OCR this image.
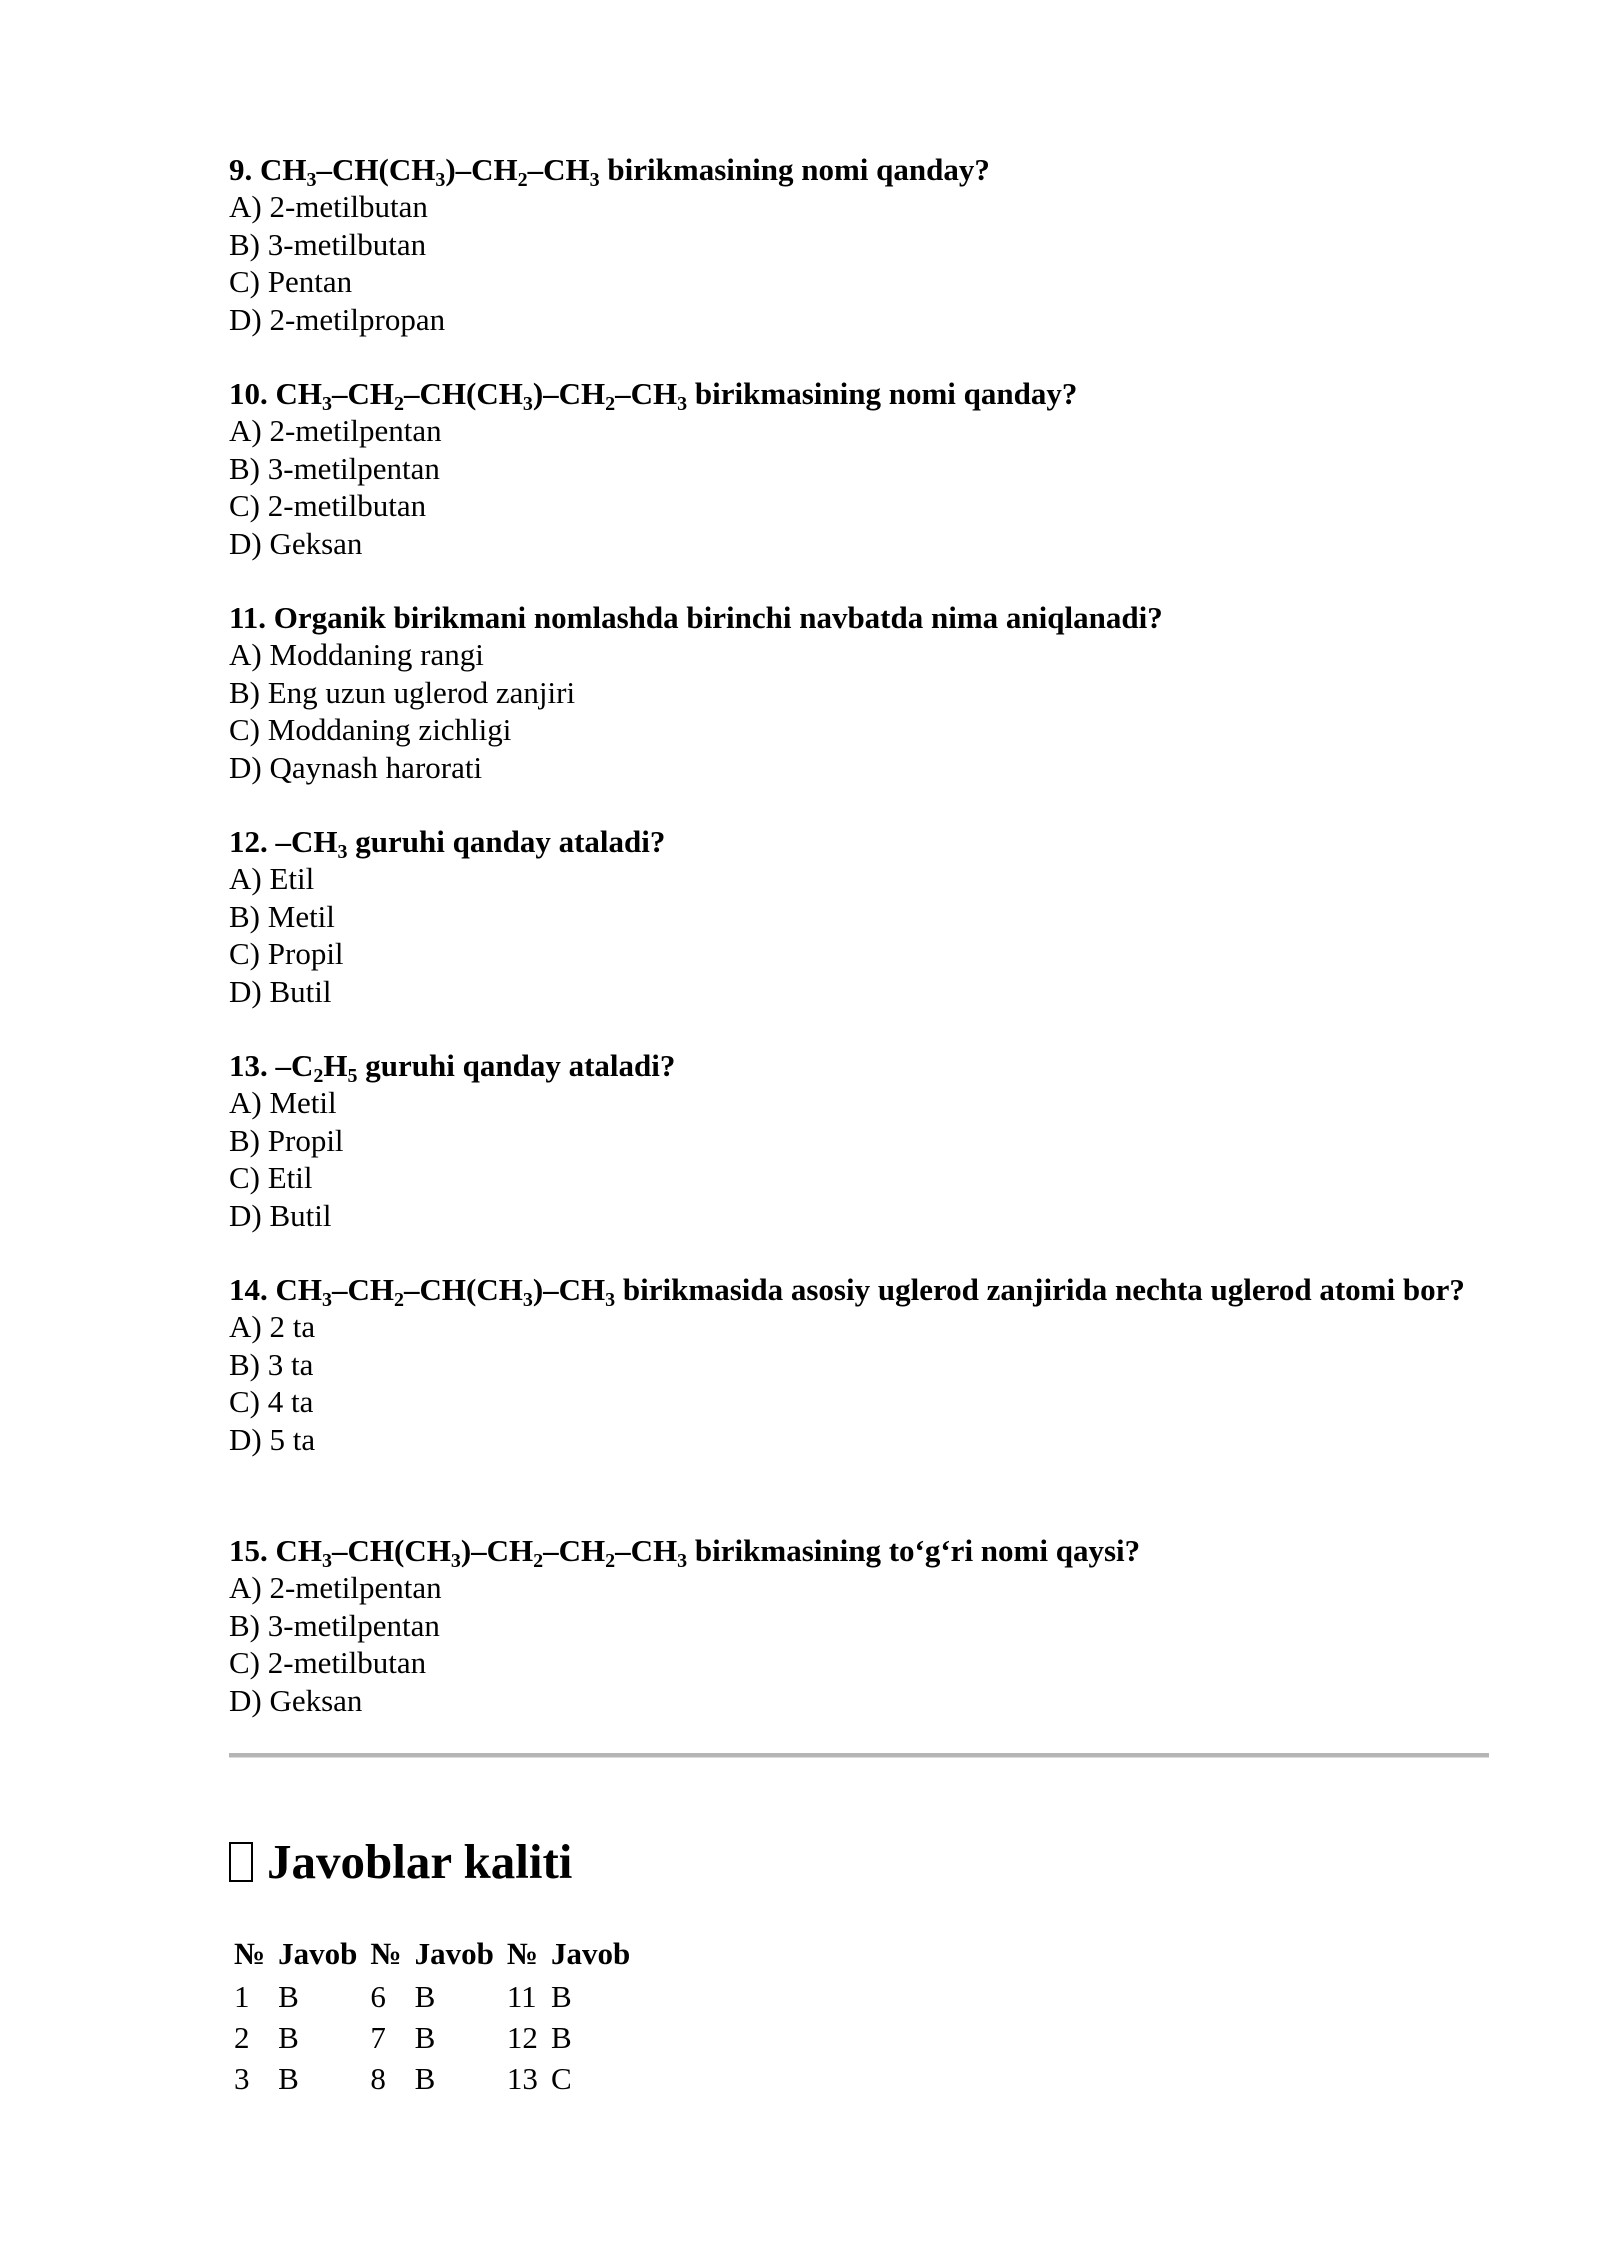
9. $CH_3-CH(CH_3)-CH_2-CH_3$ birikmasining nomi qanday?

A) 2-metilbutan

B) 3-metilbutan

C) Pentan

D) 2-metilpropan

10. $CH_3-CH_2-CH(CH_3)-CH_2-CH_3$ birikmasining nomi qanday?

A) 2-metilpentan

B) 3-metilpentan

C) 2-metilbutan

D) Geksan

11. Organik birikmani nomlashda birinchi navbatda nima aniqlanadi?

A) Moddaning rangi

B) Eng uzun uglerod zanjiri

C) Moddaning zichligi

D) Qaynash harorati

12. $-CH_3$ guruhi qanday ataladi?

A) Etil

B) Metil

C) Propil

D) Butil

13. $-C_2H_5$ guruhi qanday ataladi?

A) Metil

B) Propil

C) Etil

D) Butil

14. $CH_3-CH_2-CH(CH_3)-CH_3$ birikmasida asosiy uglerod zanjirida nechta uglerod atomi bor?

A) 2 ta

B) 3 ta

C) 4 ta

D) 5 ta

15. $CH_3-CH(CH_3)-CH_2-CH_2-CH_3$ birikmasining to‘g‘ri nomi qaysi?

A) 2-metilpentan

B) 3-metilpentan

C) 2-metilbutan

D) Geksan

Javoblar kaliti
№	Javob	№	Javob	№	Javob
1	B	6	B	11	B
2	B	7	B	12	B
3	B	8	B	13	C
